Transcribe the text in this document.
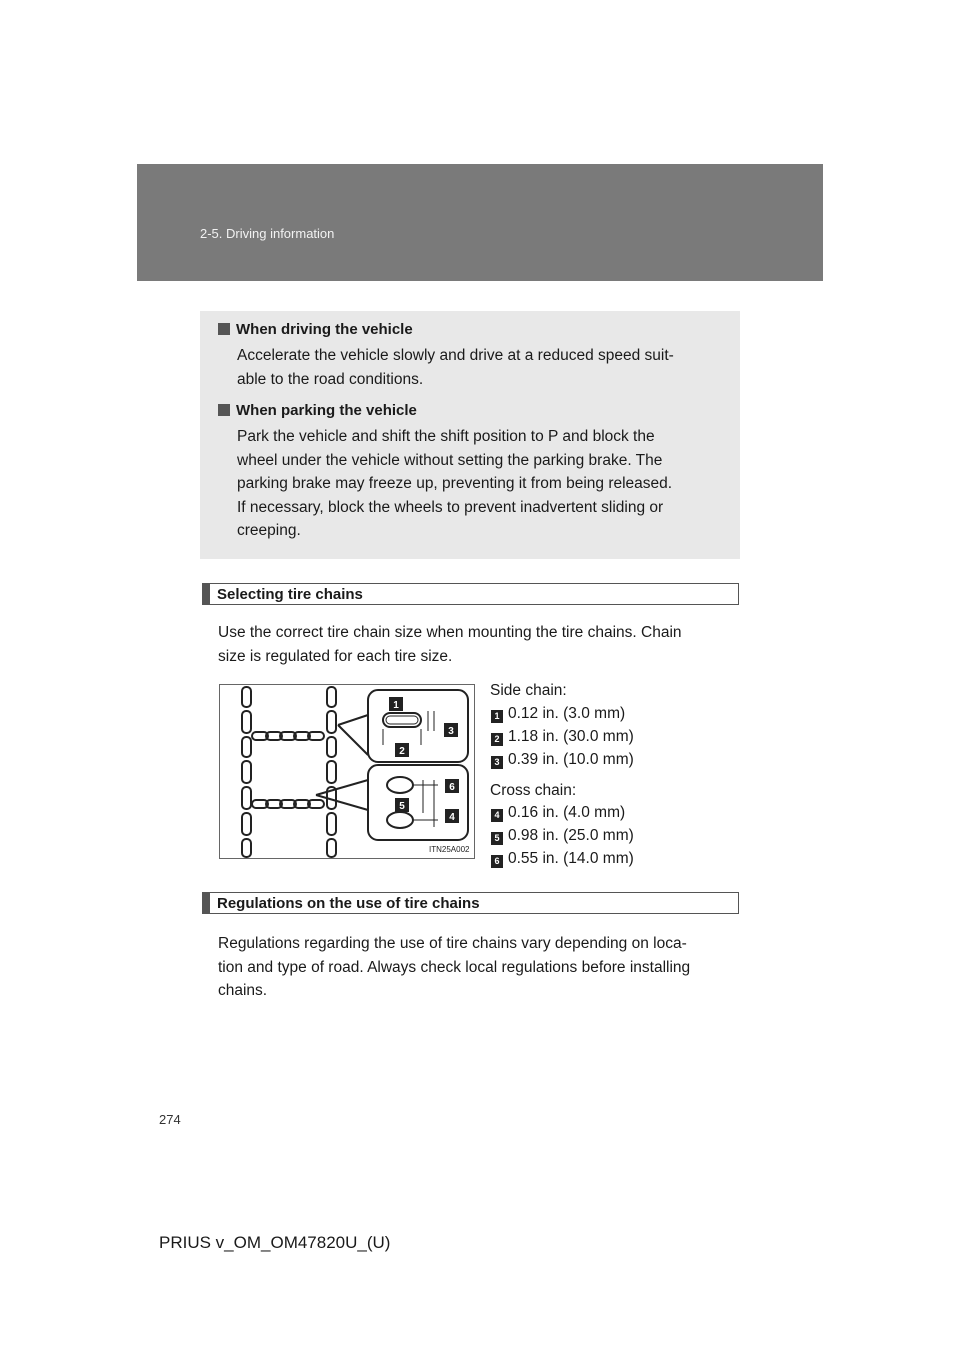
2-5. Driving information
When driving the vehicle
Accelerate the vehicle slowly and drive at a reduced speed suit-
able to the road conditions.
When parking the vehicle
Park the vehicle and shift the shift position to P and block the
wheel under the vehicle without setting the parking brake. The
parking brake may freeze up, preventing it from being released.
If necessary, block the wheels to prevent inadvertent sliding or
creeping.
Selecting tire chains
Use the correct tire chain size when mounting the tire chains. Chain
size is regulated for each tire size.
1
2
3
4
5
6
ITN25A002
Side chain:
1 0.12 in. (3.0 mm)
2 1.18 in. (30.0 mm)
3 0.39 in. (10.0 mm)
Cross chain:
4 0.16 in. (4.0 mm)
5 0.98 in. (25.0 mm)
6 0.55 in. (14.0 mm)
Regulations on the use of tire chains
Regulations regarding the use of tire chains vary depending on loca-
tion and type of road. Always check local regulations before installing
chains.
274
PRIUS v_OM_OM47820U_(U)
